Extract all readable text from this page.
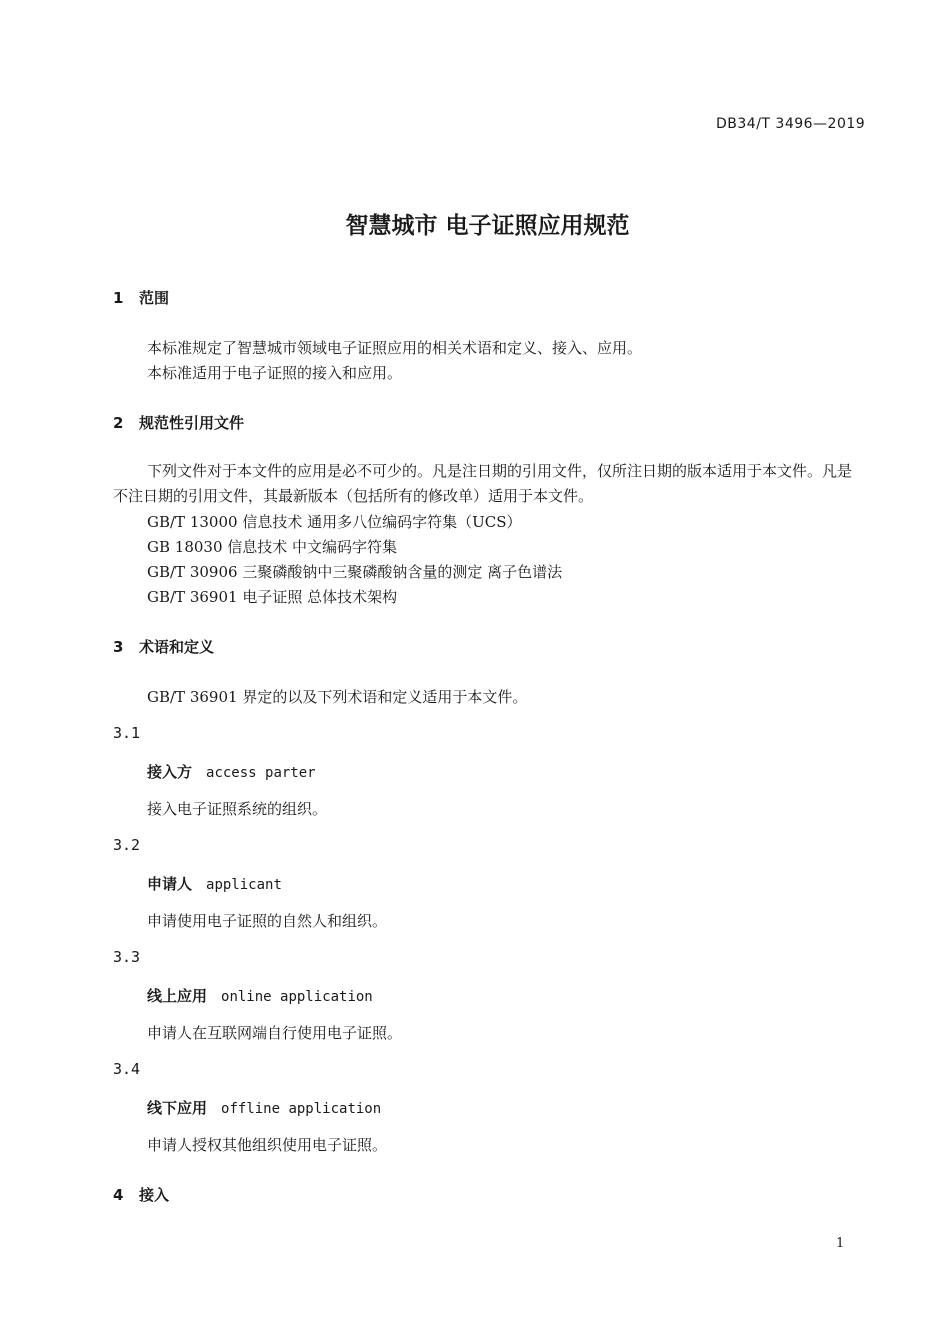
DB34/T 3496—2019
智慧城市 电子证照应用规范
1 范围
本标准规定了智慧城市领域电子证照应用的相关术语和定义、接入、应用。
本标准适用于电子证照的接入和应用。
2 规范性引用文件
下列文件对于本文件的应用是必不可少的。凡是注日期的引用文件，仅所注日期的版本适用于本文件。凡是不注日期的引用文件，其最新版本（包括所有的修改单）适用于本文件。
GB/T 13000 信息技术 通用多八位编码字符集（UCS）
GB 18030 信息技术 中文编码字符集
GB/T 30906 三聚磷酸钠中三聚磷酸钠含量的测定 离子色谱法
GB/T 36901 电子证照 总体技术架构
3 术语和定义
GB/T 36901 界定的以及下列术语和定义适用于本文件。
3.1
接入方 access parter
接入电子证照系统的组织。
3.2
申请人 applicant
申请使用电子证照的自然人和组织。
3.3
线上应用 online application
申请人在互联网端自行使用电子证照。
3.4
线下应用 offline application
申请人授权其他组织使用电子证照。
4 接入
1
